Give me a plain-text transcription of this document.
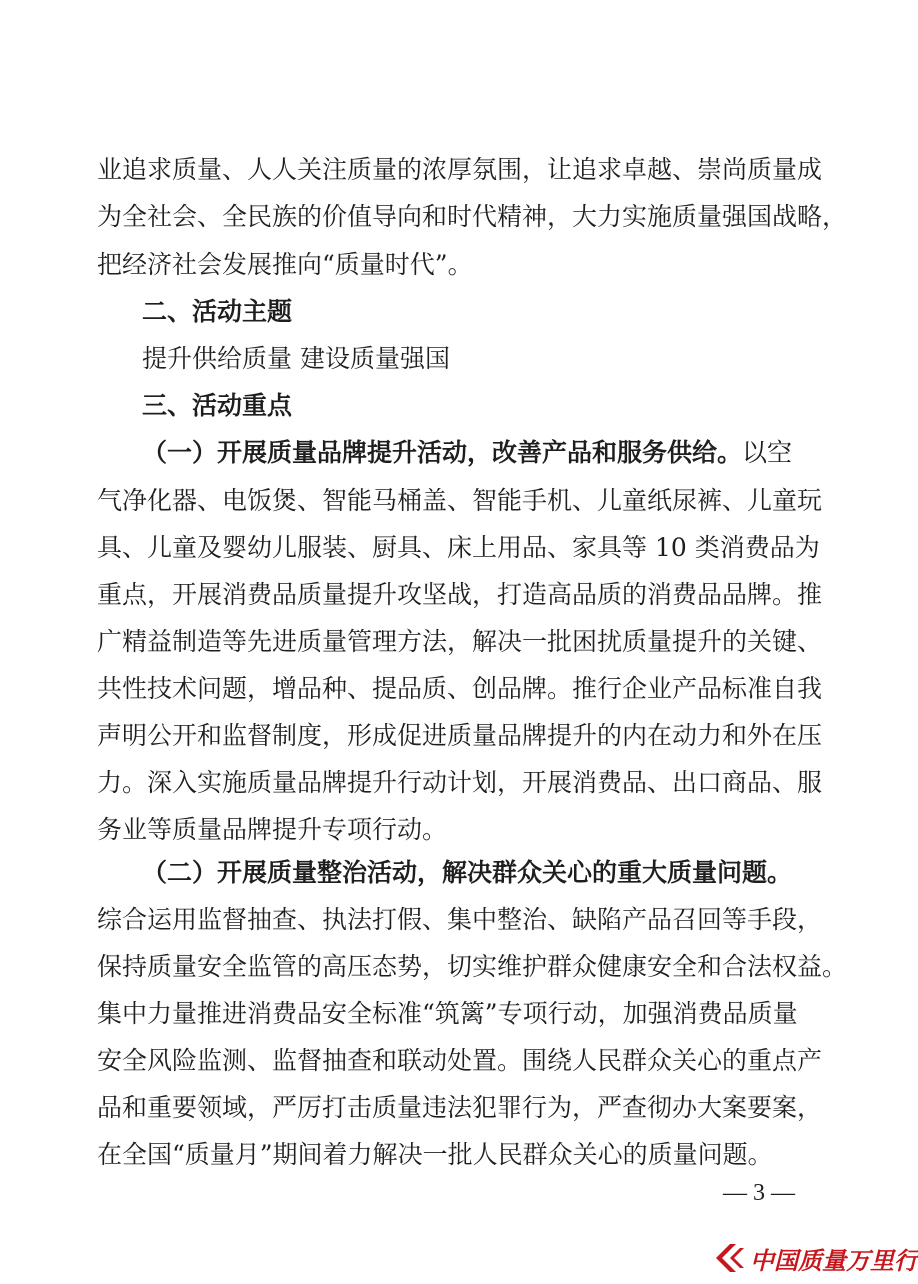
业追求质量、人人关注质量的浓厚氛围，让追求卓越、崇尚质量成
为全社会、全民族的价值导向和时代精神，大力实施质量强国战略，
把经济社会发展推向“质量时代”。
二、活动主题
提升供给质量 建设质量强国
三、活动重点
（一）开展质量品牌提升活动，改善产品和服务供给。以空
气净化器、电饭煲、智能马桶盖、智能手机、儿童纸尿裤、儿童玩
具、儿童及婴幼儿服装、厨具、床上用品、家具等 10 类消费品为
重点，开展消费品质量提升攻坚战，打造高品质的消费品品牌。推
广精益制造等先进质量管理方法，解决一批困扰质量提升的关键、
共性技术问题，增品种、提品质、创品牌。推行企业产品标准自我
声明公开和监督制度，形成促进质量品牌提升的内在动力和外在压
力。深入实施质量品牌提升行动计划，开展消费品、出口商品、服
务业等质量品牌提升专项行动。
（二）开展质量整治活动，解决群众关心的重大质量问题。
综合运用监督抽查、执法打假、集中整治、缺陷产品召回等手段，
保持质量安全监管的高压态势，切实维护群众健康安全和合法权益。
集中力量推进消费品安全标准“筑篱”专项行动，加强消费品质量
安全风险监测、监督抽查和联动处置。围绕人民群众关心的重点产
品和重要领域，严厉打击质量违法犯罪行为，严查彻办大案要案，
在全国“质量月”期间着力解决一批人民群众关心的质量问题。
— 3 —
中国质量万里行
